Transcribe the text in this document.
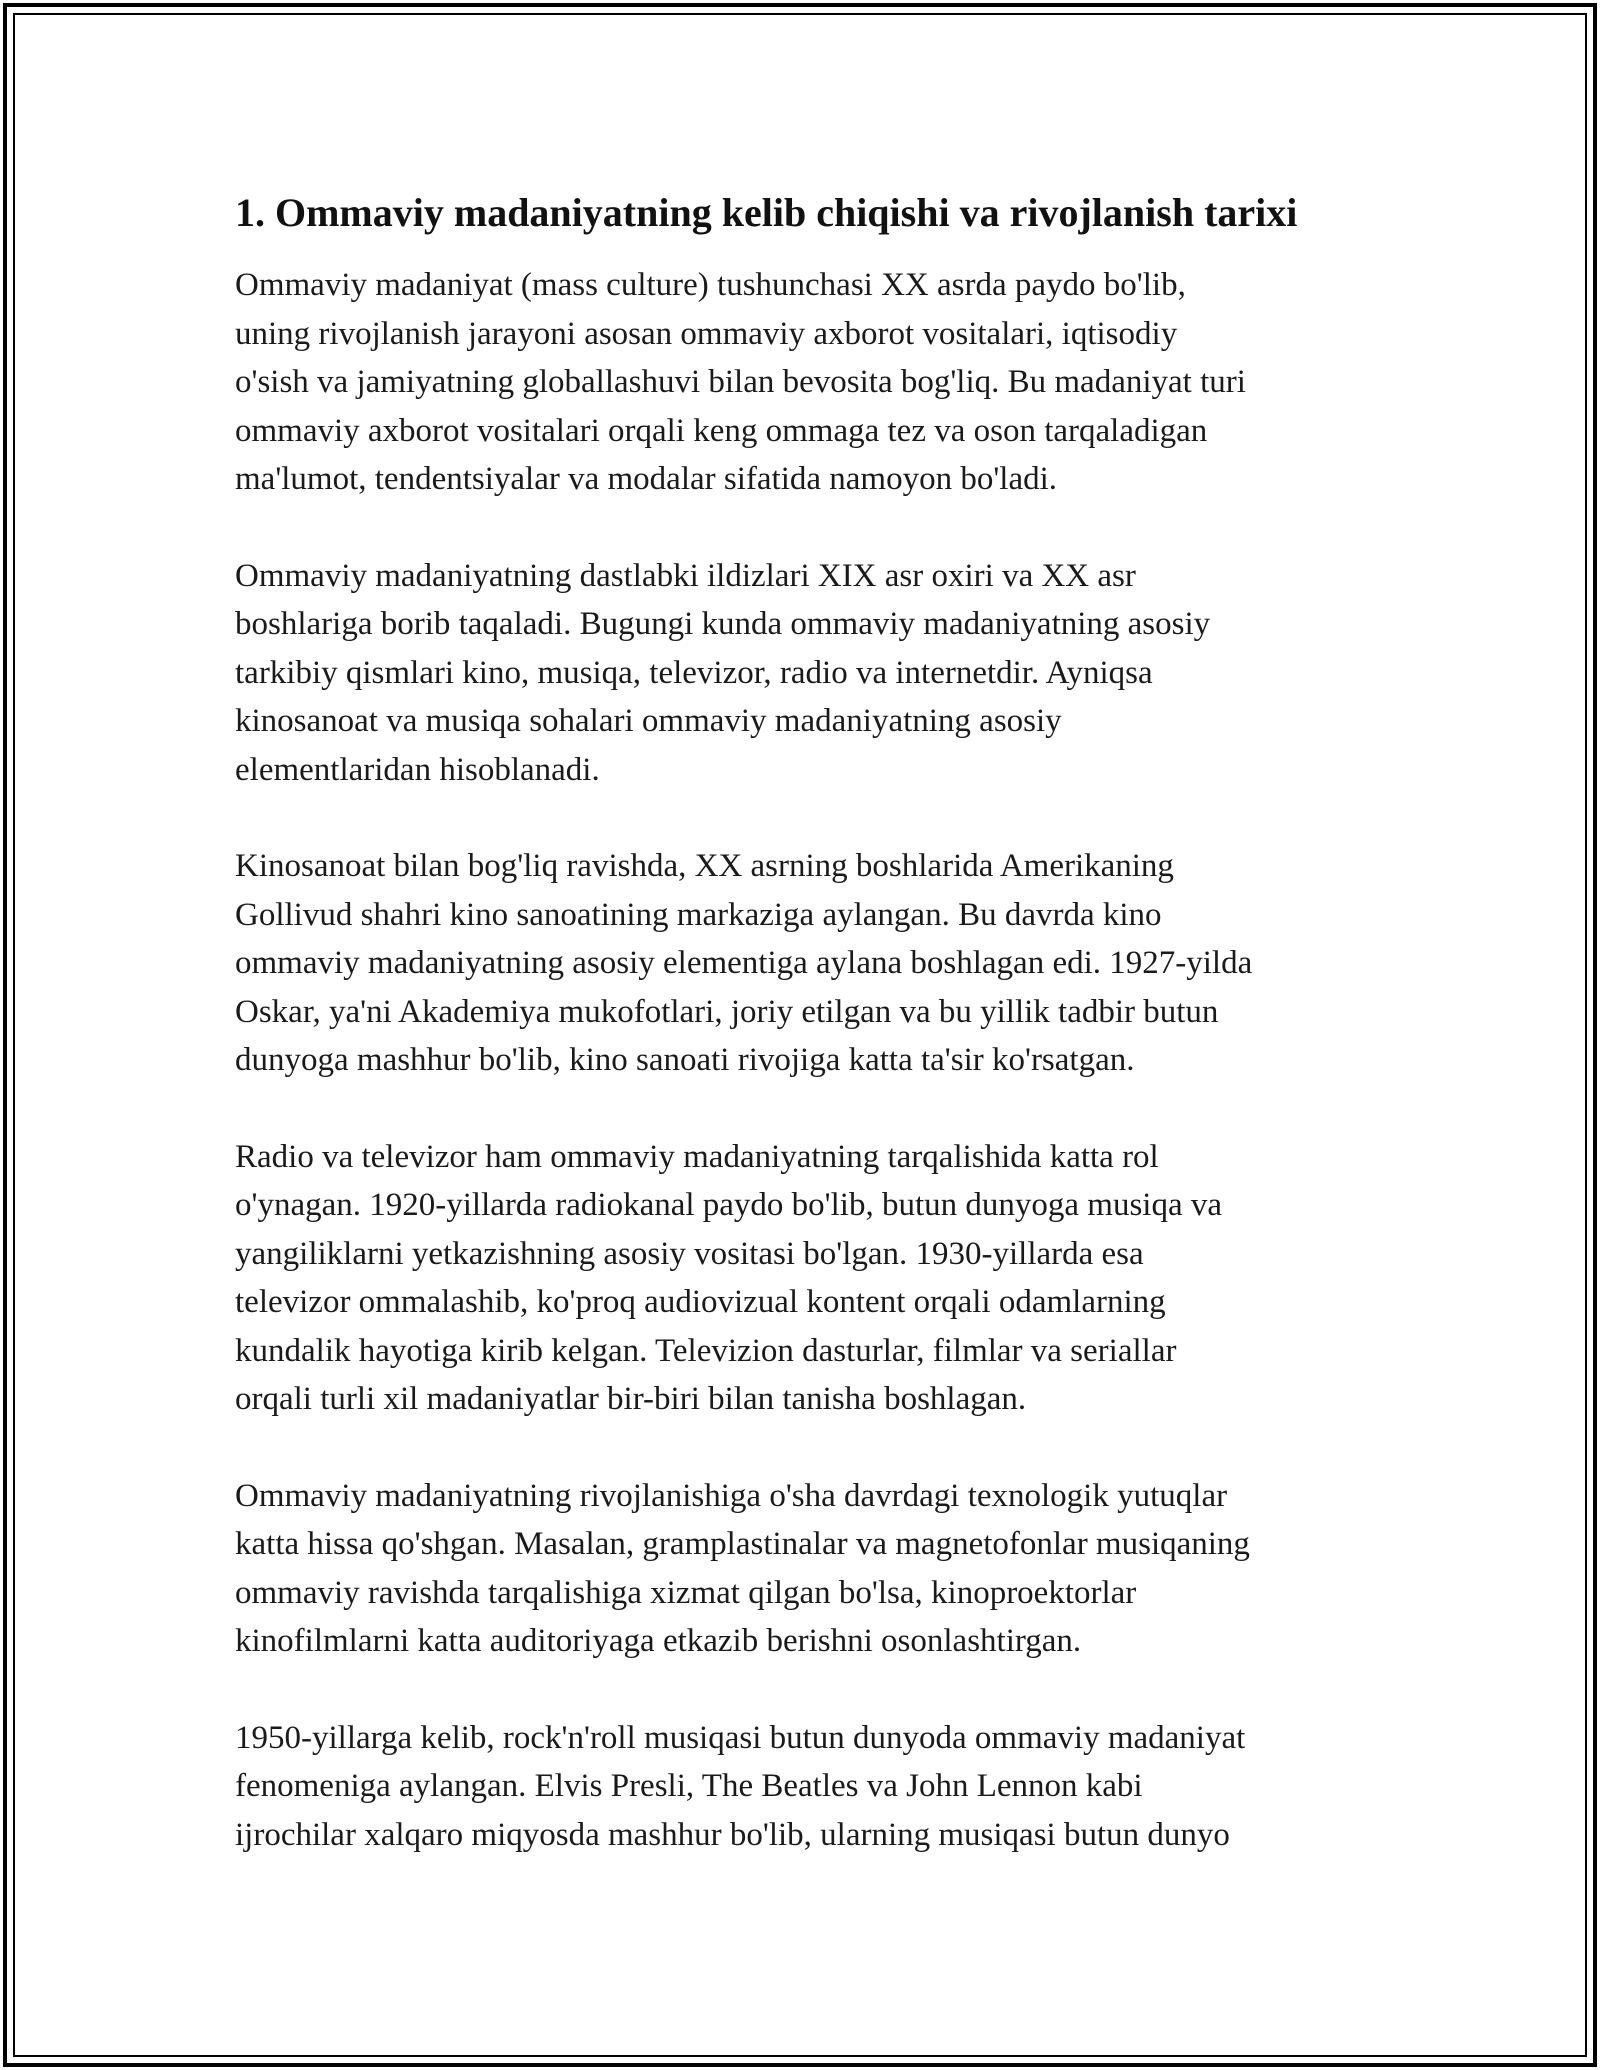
1. Ommaviy madaniyatning kelib chiqishi va rivojlanish tarixi

Ommaviy madaniyat (mass culture) tushunchasi XX asrda paydo bo'lib,
uning rivojlanish jarayoni asosan ommaviy axborot vositalari, iqtisodiy
o'sish va jamiyatning globallashuvi bilan bevosita bog'liq. Bu madaniyat turi
ommaviy axborot vositalari orqali keng ommaga tez va oson tarqaladigan
ma'lumot, tendentsiyalar va modalar sifatida namoyon bo'ladi.

Ommaviy madaniyatning dastlabki ildizlari XIX asr oxiri va XX asr
boshlariga borib taqaladi. Bugungi kunda ommaviy madaniyatning asosiy
tarkibiy qismlari kino, musiqa, televizor, radio va internetdir. Ayniqsa
kinosanoat va musiqa sohalari ommaviy madaniyatning asosiy
elementlaridan hisoblanadi.

Kinosanoat bilan bog'liq ravishda, XX asrning boshlarida Amerikaning
Gollivud shahri kino sanoatining markaziga aylangan. Bu davrda kino
ommaviy madaniyatning asosiy elementiga aylana boshlagan edi. 1927-yilda
Oskar, ya'ni Akademiya mukofotlari, joriy etilgan va bu yillik tadbir butun
dunyoga mashhur bo'lib, kino sanoati rivojiga katta ta'sir ko'rsatgan.

Radio va televizor ham ommaviy madaniyatning tarqalishida katta rol
o'ynagan. 1920-yillarda radiokanal paydo bo'lib, butun dunyoga musiqa va
yangiliklarni yetkazishning asosiy vositasi bo'lgan. 1930-yillarda esa
televizor ommalashib, ko'proq audiovizual kontent orqali odamlarning
kundalik hayotiga kirib kelgan. Televizion dasturlar, filmlar va seriallar
orqali turli xil madaniyatlar bir-biri bilan tanisha boshlagan.

Ommaviy madaniyatning rivojlanishiga o'sha davrdagi texnologik yutuqlar
katta hissa qo'shgan. Masalan, gramplastinalar va magnetofonlar musiqaning
ommaviy ravishda tarqalishiga xizmat qilgan bo'lsa, kinoproektorlar
kinofilmlarni katta auditoriyaga etkazib berishni osonlashtirgan.

1950-yillarga kelib, rock'n'roll musiqasi butun dunyoda ommaviy madaniyat
fenomeniga aylangan. Elvis Presli, The Beatles va John Lennon kabi
ijrochilar xalqaro miqyosda mashhur bo'lib, ularning musiqasi butun dunyo
